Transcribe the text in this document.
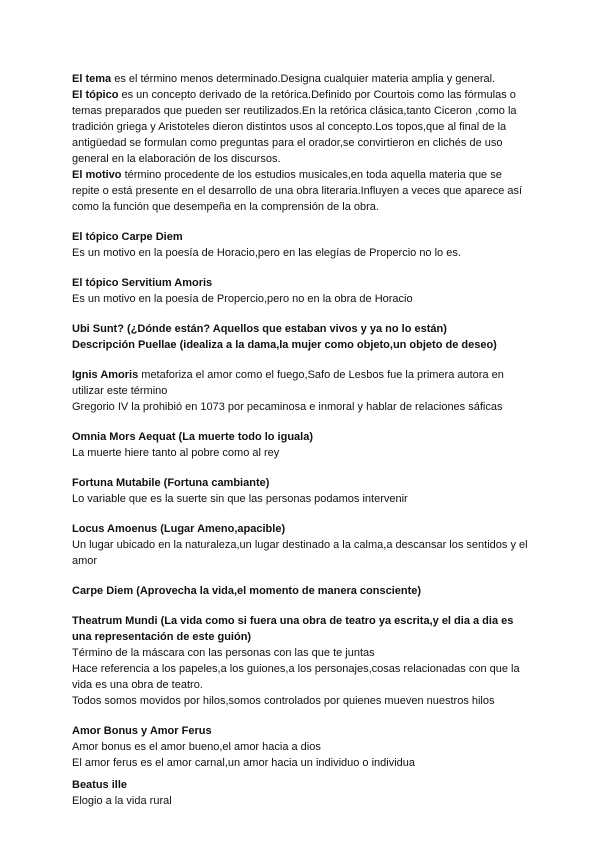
El tema es el término menos determinado.Designa cualquier materia amplia y general.

El tópico es un concepto derivado de la retórica.Definido por Courtois como las fórmulas o temas preparados que pueden ser reutilizados.En la retórica clásica,tanto Ciceron ,como la tradición griega y Aristoteles dieron distintos usos al concepto.Los topos,que al final de la antigüedad se formulan como preguntas para el orador,se convirtieron en clichés de uso general en la elaboración de los discursos.

El motivo término procedente de los estudios musicales,en toda aquella materia que se repite o está presente en el desarrollo de una obra literaria.Influyen a veces que aparece así como la función que desempeña en la comprensión de la obra.

El tópico Carpe Diem

Es un motivo en la poesía de Horacio,pero en las elegías de Propercio no lo es.

El tópico Servitium Amoris

Es un motivo en la poesía de Propercio,pero no en la obra de Horacio

Ubi Sunt? (¿Dónde están? Aquellos que estaban vivos y ya no lo están)

Descripción Puellae (idealiza a la dama,la mujer como objeto,un objeto de deseo)

Ignis Amoris metaforiza el amor como el fuego,Safo de Lesbos fue la primera autora en utilizar este término

Gregorio IV la prohibió en 1073 por pecaminosa e inmoral y hablar de relaciones sáficas

Omnia Mors Aequat (La muerte todo lo iguala)

La muerte hiere tanto al pobre como al rey

Fortuna Mutabile (Fortuna cambiante)

Lo variable que es la suerte sin que las personas podamos intervenir

Locus Amoenus (Lugar Ameno,apacible)

Un lugar ubicado en la naturaleza,un lugar destinado a la calma,a descansar los sentidos y el amor

Carpe Diem (Aprovecha la vida,el momento de manera consciente)

Theatrum Mundi (La vida como si fuera una obra de teatro ya escrita,y el dia a dia es una representación de este guión)

Término de la máscara con las personas con las que te juntas

Hace referencia a los papeles,a los guiones,a los personajes,cosas relacionadas con que la vida es una obra de teatro.

Todos somos movidos por hilos,somos controlados por quienes mueven nuestros hilos

Amor Bonus y Amor Ferus

Amor bonus es el amor bueno,el amor hacia a dios

El amor ferus es el amor carnal,un amor hacia un individuo o individua

Beatus ille

Elogio a la vida rural
